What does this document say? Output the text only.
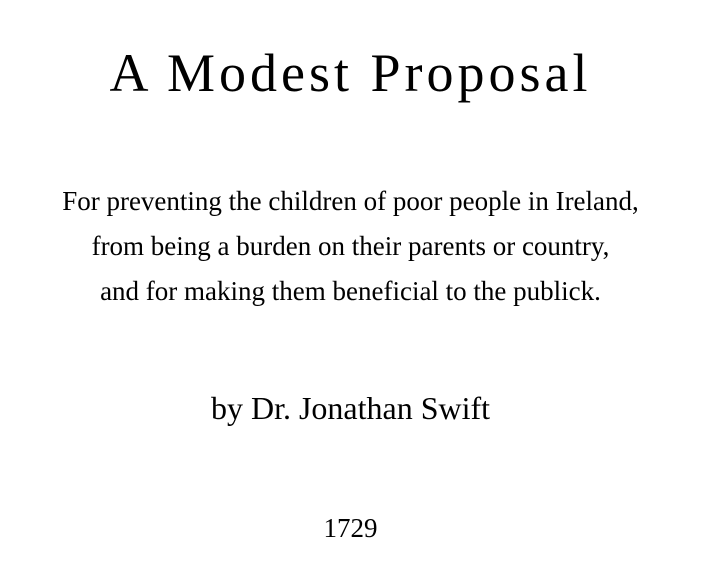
A Modest Proposal
For preventing the children of poor people in Ireland,
from being a burden on their parents or country,
and for making them beneficial to the publick.
by Dr. Jonathan Swift
1729
